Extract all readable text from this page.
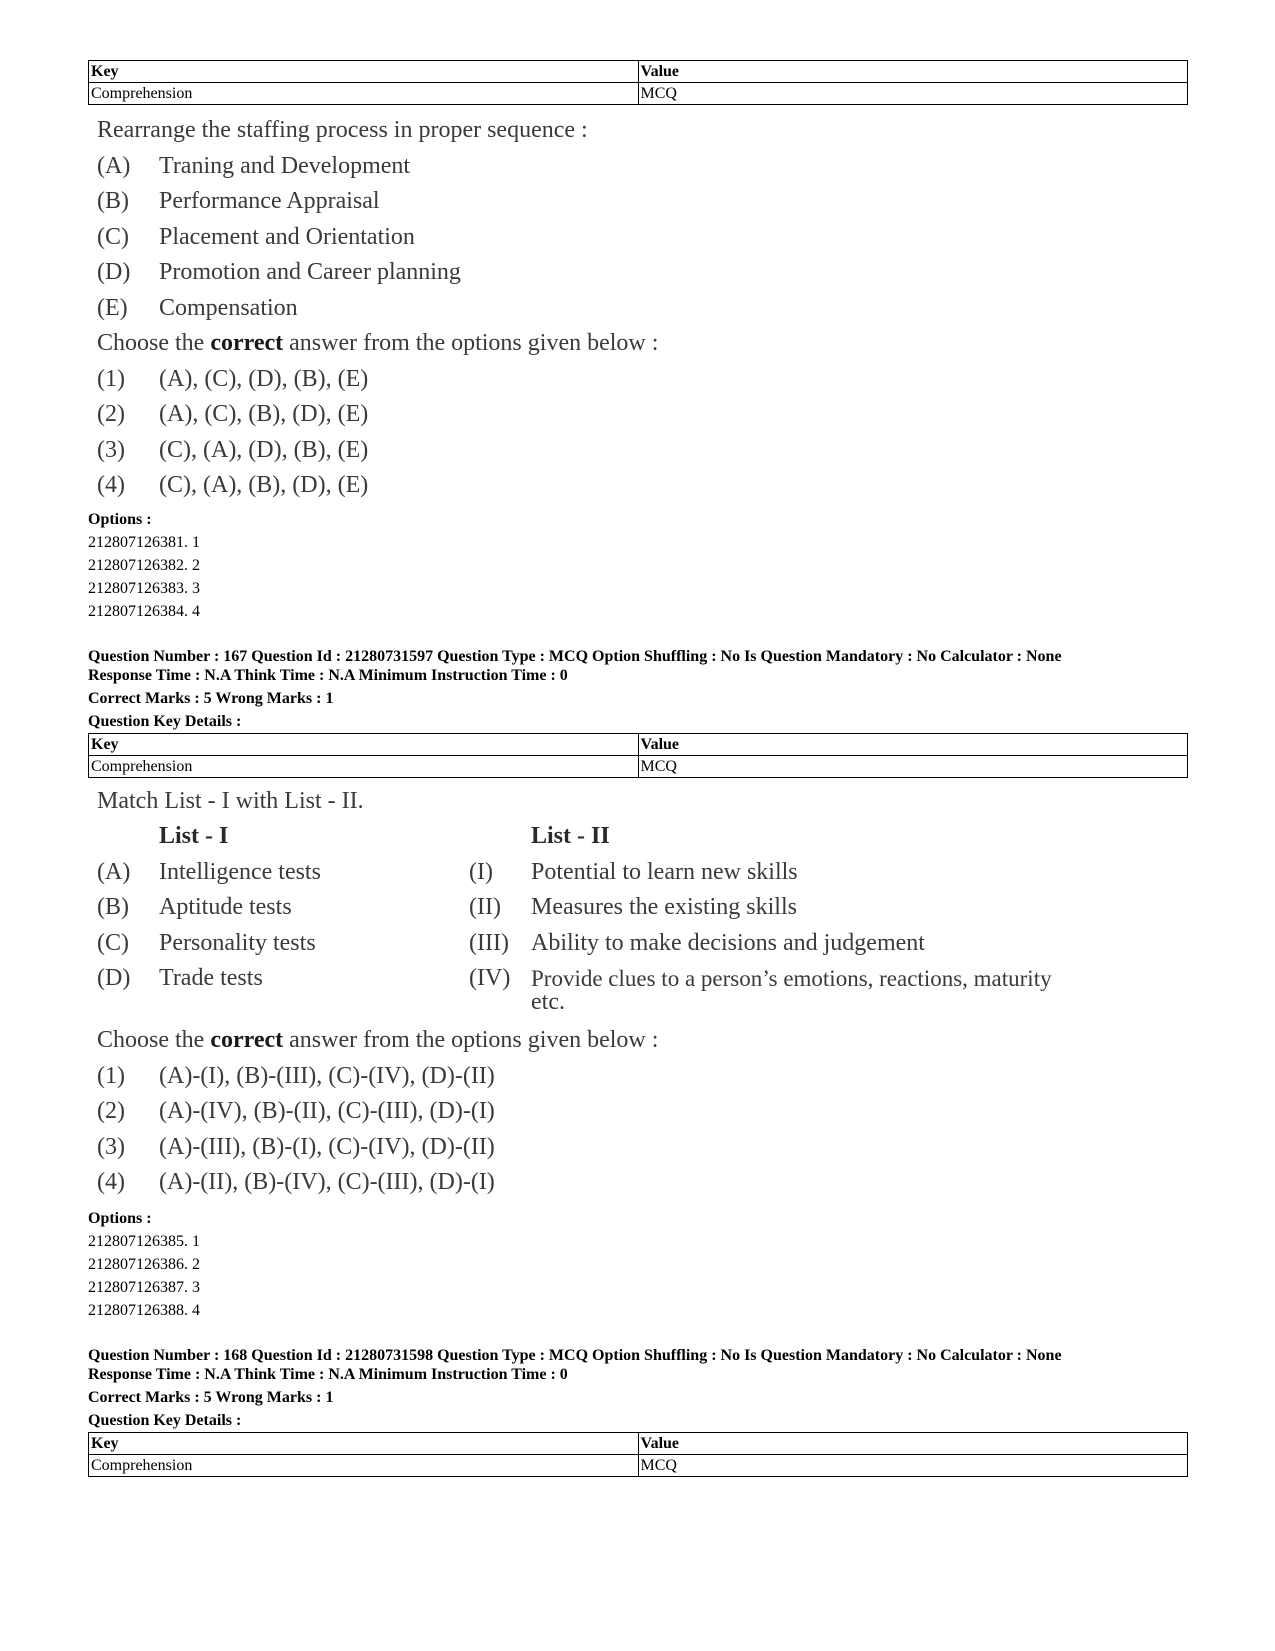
Key	Value
Comprehension	MCQ
Rearrange the staffing process in proper sequence :
(A) Traning and Development
(B) Performance Appraisal
(C) Placement and Orientation
(D) Promotion and Career planning
(E) Compensation
Choose the correct answer from the options given below :
(1) (A), (C), (D), (B), (E)
(2) (A), (C), (B), (D), (E)
(3) (C), (A), (D), (B), (E)
(4) (C), (A), (B), (D), (E)
Options :
212807126381. 1
212807126382. 2
212807126383. 3
212807126384. 4
Question Number : 167 Question Id : 21280731597 Question Type : MCQ Option Shuffling : No Is Question Mandatory : No Calculator : None
Response Time : N.A Think Time : N.A Minimum Instruction Time : 0
Correct Marks : 5 Wrong Marks : 1
Question Key Details :
Key	Value
Comprehension	MCQ
Match List - I with List - II.
List - I	List - II
(A) Intelligence tests	(I) Potential to learn new skills
(B) Aptitude tests	(II) Measures the existing skills
(C) Personality tests	(III) Ability to make decisions and judgement
(D) Trade tests	(IV) Provide clues to a person’s emotions, reactions, maturity
etc.
Choose the correct answer from the options given below :
(1) (A)-(I), (B)-(III), (C)-(IV), (D)-(II)
(2) (A)-(IV), (B)-(II), (C)-(III), (D)-(I)
(3) (A)-(III), (B)-(I), (C)-(IV), (D)-(II)
(4) (A)-(II), (B)-(IV), (C)-(III), (D)-(I)
Options :
212807126385. 1
212807126386. 2
212807126387. 3
212807126388. 4
Question Number : 168 Question Id : 21280731598 Question Type : MCQ Option Shuffling : No Is Question Mandatory : No Calculator : None
Response Time : N.A Think Time : N.A Minimum Instruction Time : 0
Correct Marks : 5 Wrong Marks : 1
Question Key Details :
Key	Value
Comprehension	MCQ
